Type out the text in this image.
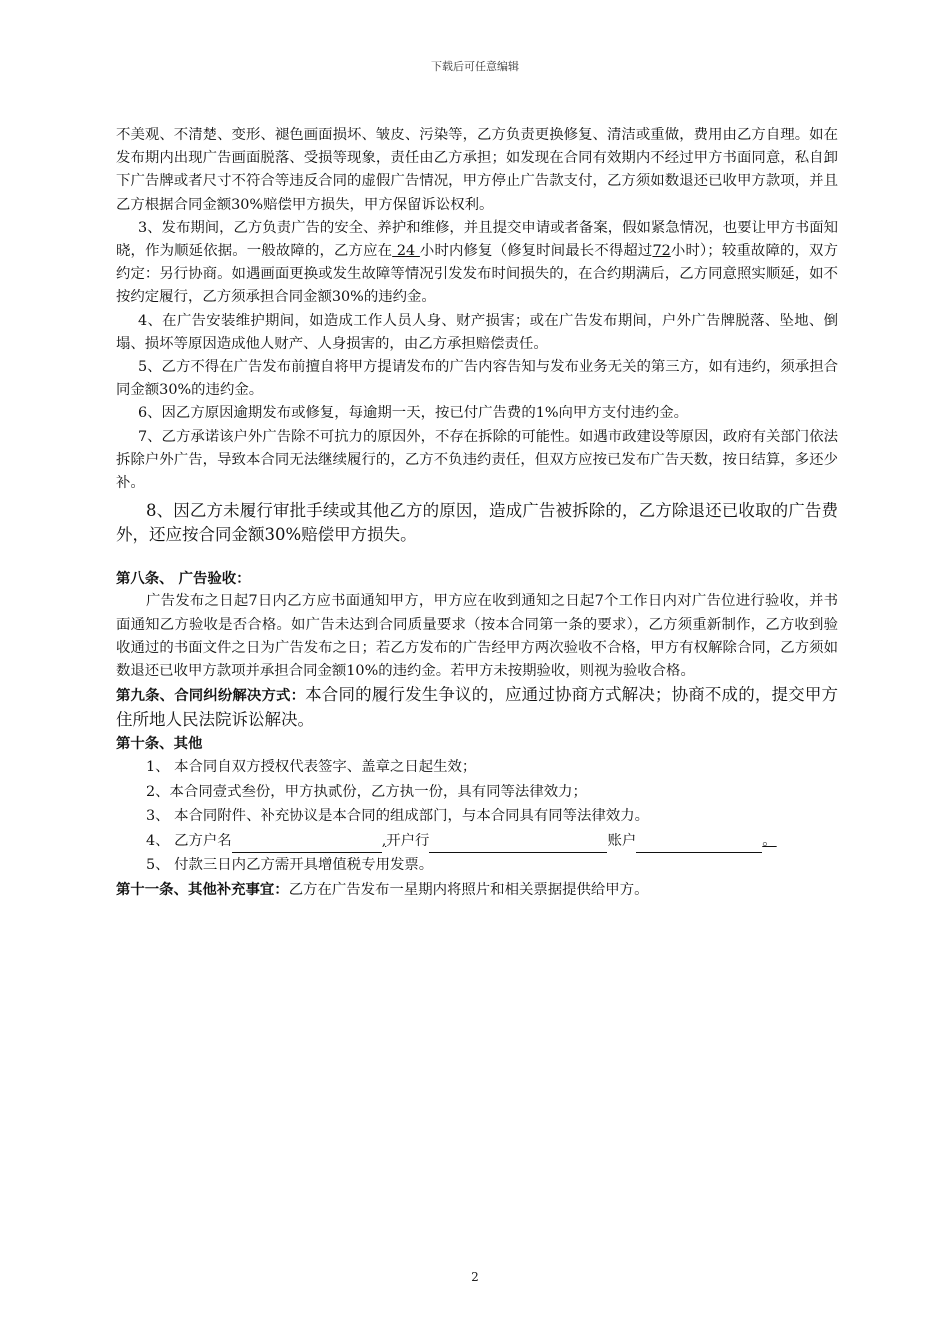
下载后可任意编辑

不美观、不清楚、变形、褪色画面损坏、皱皮、污染等，乙方负责更换修复、清洁或重做，费用由乙方自理。如在发布期内出现广告画面脱落、受损等现象，责任由乙方承担；如发现在合同有效期内不经过甲方书面同意，私自卸下广告牌或者尺寸不符合等违反合同的虚假广告情况，甲方停止广告款支付，乙方须如数退还已收甲方款项，并且乙方根据合同金额30%赔偿甲方损失，甲方保留诉讼权利。

3、发布期间，乙方负责广告的安全、养护和维修，并且提交申请或者备案，假如紧急情况，也要让甲方书面知晓，作为顺延依据。一般故障的，乙方应在 24 小时内修复（修复时间最长不得超过72小时）；较重故障的，双方约定：另行协商。如遇画面更换或发生故障等情况引发发布时间损失的，在合约期满后，乙方同意照实顺延，如不按约定履行，乙方须承担合同金额30%的违约金。

4、在广告安装维护期间，如造成工作人员人身、财产损害；或在广告发布期间，户外广告牌脱落、坠地、倒塌、损坏等原因造成他人财产、人身损害的，由乙方承担赔偿责任。

5、乙方不得在广告发布前擅自将甲方提请发布的广告内容告知与发布业务无关的第三方，如有违约，须承担合同金额30%的违约金。

6、因乙方原因逾期发布或修复，每逾期一天，按已付广告费的1%向甲方支付违约金。

7、乙方承诺该户外广告除不可抗力的原因外，不存在拆除的可能性。如遇市政建设等原因，政府有关部门依法拆除户外广告，导致本合同无法继续履行的，乙方不负违约责任，但双方应按已发布广告天数，按日结算，多还少补。

8、因乙方未履行审批手续或其他乙方的原因，造成广告被拆除的，乙方除退还已收取的广告费外，还应按合同金额30%赔偿甲方损失。

第八条、 广告验收：

广告发布之日起7日内乙方应书面通知甲方，甲方应在收到通知之日起7个工作日内对广告位进行验收，并书面通知乙方验收是否合格。如广告未达到合同质量要求（按本合同第一条的要求），乙方须重新制作，乙方收到验收通过的书面文件之日为广告发布之日；若乙方发布的广告经甲方两次验收不合格，甲方有权解除合同，乙方须如数退还已收甲方款项并承担合同金额10%的违约金。若甲方未按期验收，则视为验收合格。

第九条、合同纠纷解决方式：本合同的履行发生争议的，应通过协商方式解决；协商不成的，提交甲方住所地人民法院诉讼解决。

第十条、其他

1、 本合同自双方授权代表签字、盖章之日起生效；

2、本合同壹式叁份，甲方执贰份，乙方执一份，具有同等法律效力；

3、 本合同附件、补充协议是本合同的组成部门，与本合同具有同等法律效力。

4、 乙方户名	,开户行	账户	。

5、 付款三日内乙方需开具增值税专用发票。

第十一条、其他补充事宜：乙方在广告发布一星期内将照片和相关票据提供给甲方。

2
